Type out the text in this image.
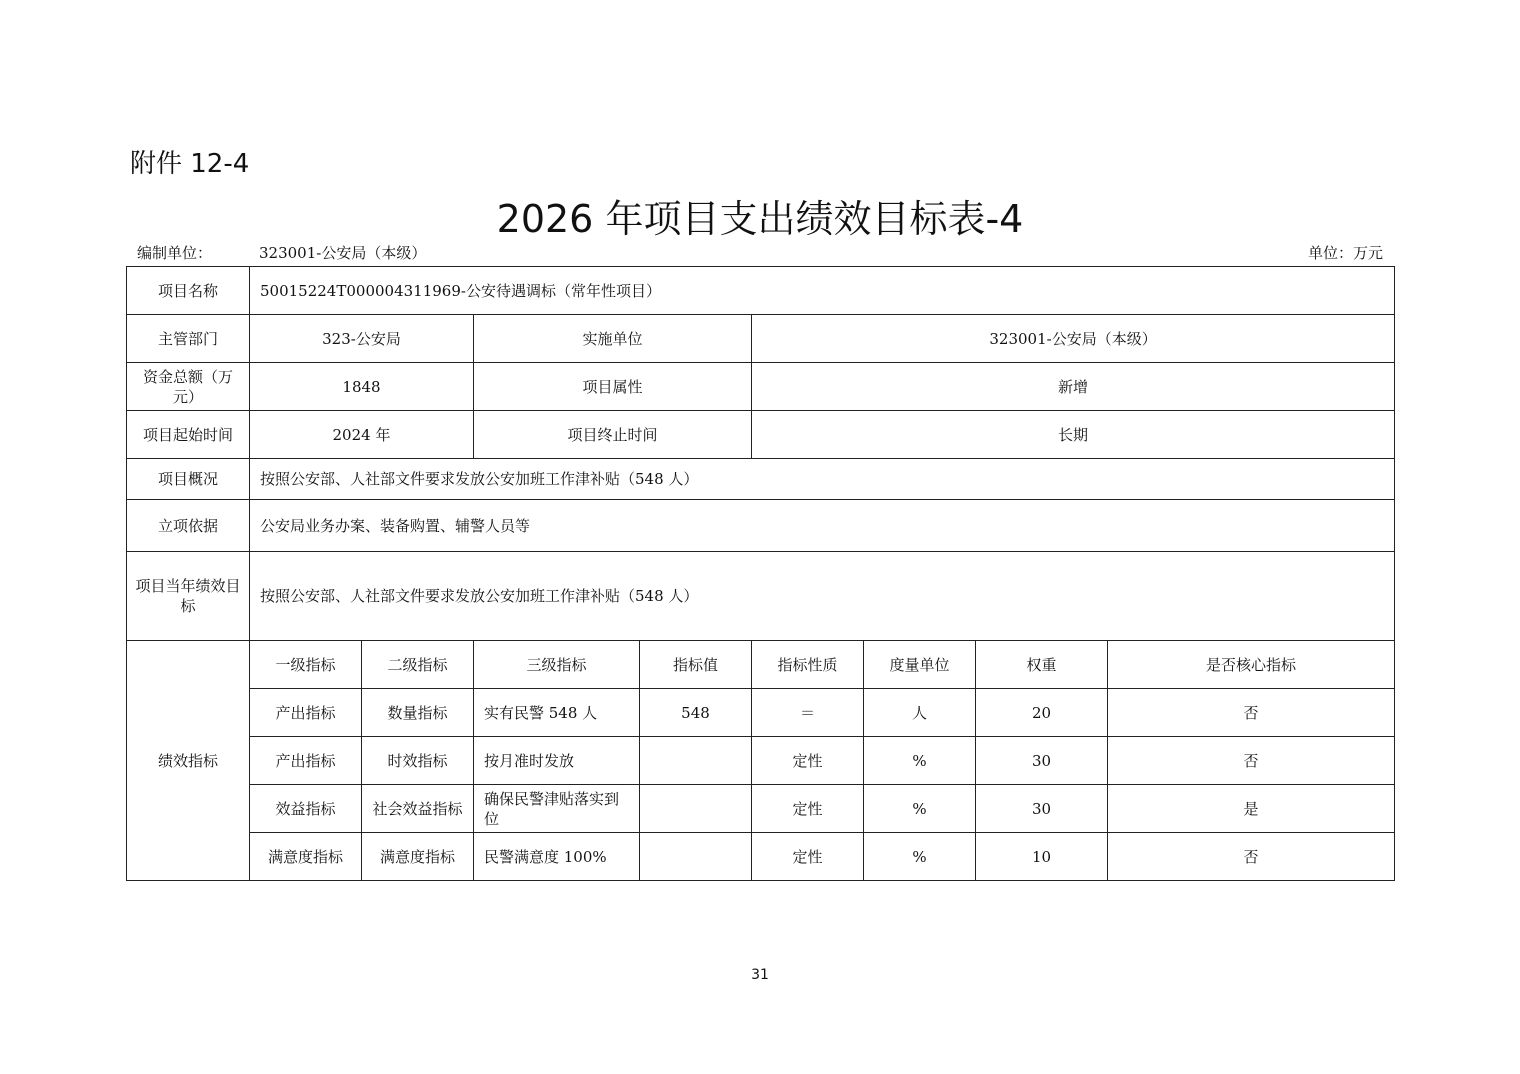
附件 12-4
2026 年项目支出绩效目标表-4
编制单位：	323001-公安局（本级）	单位：万元
项目名称	50015224T000004311969-公安待遇调标（常年性项目）							
主管部门	323-公安局		实施单位		323001-公安局（本级）			
资金总额（万元）	1848		项目属性		新增			
项目起始时间	2024 年		项目终止时间		长期			
项目概况	按照公安部、人社部文件要求发放公安加班工作津补贴（548 人）							
立项依据	公安局业务办案、装备购置、辅警人员等							
项目当年绩效目标	按照公安部、人社部文件要求发放公安加班工作津补贴（548 人）							
绩效指标	一级指标	二级指标	三级指标	指标值	指标性质	度量单位	权重	是否核心指标
	产出指标	数量指标	实有民警 548 人	548	＝	人	20	否
	产出指标	时效指标	按月准时发放		定性	%	30	否
	效益指标	社会效益指标	确保民警津贴落实到位		定性	%	30	是
	满意度指标	满意度指标	民警满意度 100%		定性	%	10	否
31
